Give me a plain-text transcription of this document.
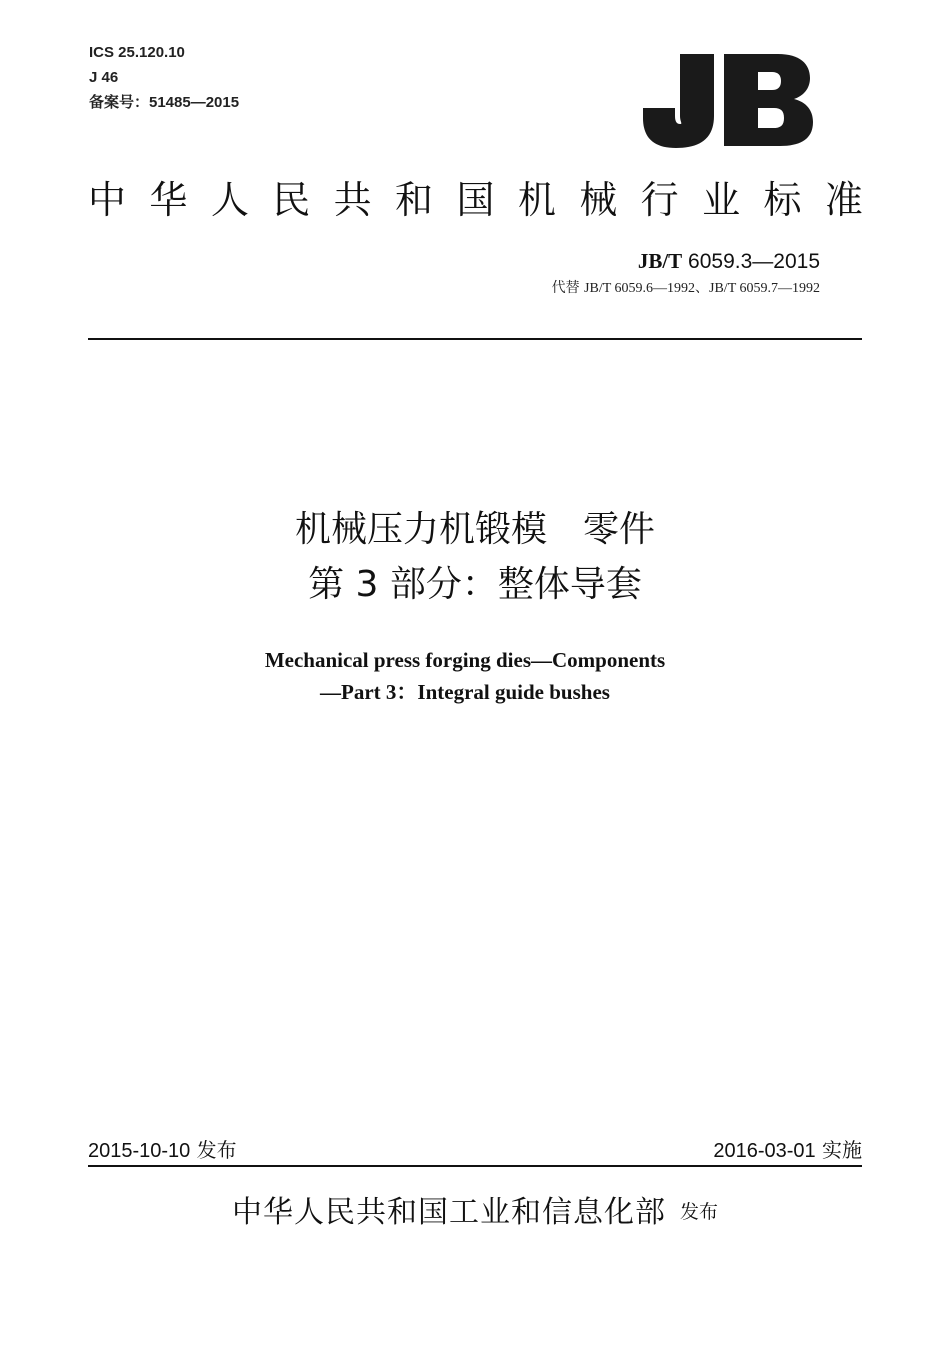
ICS 25.120.10
J 46
备案号：51485—2015
中 华 人 民 共 和 国 机 械 行 业 标 准
JB/T 6059.3—2015
代替 JB/T 6059.6—1992、JB/T 6059.7—1992
机械压力机锻模　零件
第 3 部分：整体导套
Mechanical press forging dies—Components
—Part 3：Integral guide bushes
2015-10-10 发布	2016-03-01 实施
中华人民共和国工业和信息化部 发布
